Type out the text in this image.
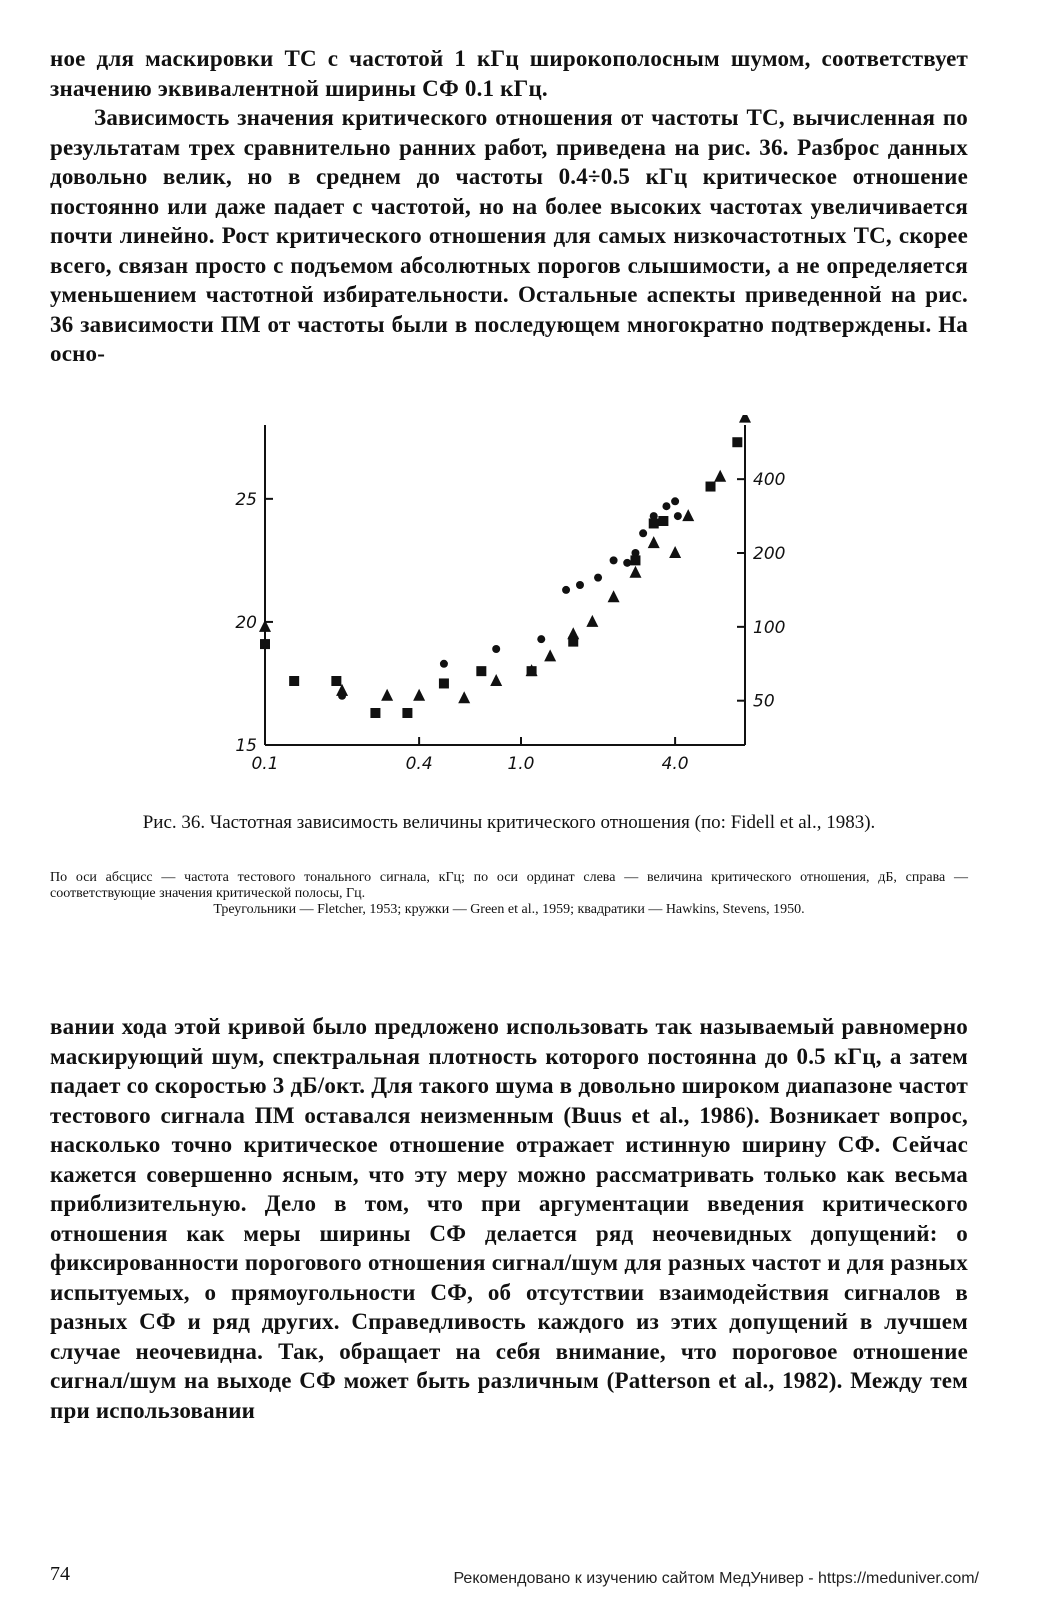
ное для маскировки ТС с частотой 1 кГц широкополосным шумом, соответствует значению эквивалентной ширины СФ 0.1 кГц.
Зависимость значения критического отношения от частоты ТС, вычисленная по результатам трех сравнительно ранних работ, приведена на рис. 36. Разброс данных довольно велик, но в среднем до частоты 0.4÷0.5 кГц критическое отношение постоянно или даже падает с частотой, но на более высоких частотах увеличивается почти линейно. Рост критического отношения для самых низкочастотных ТС, скорее всего, связан просто с подъемом абсолютных порогов слышимости, а не определяется уменьшением частотной избирательности. Остальные аспекты приведенной на рис. 36 зависимости ПМ от частоты были в последующем многократно подтверждены. На осно-
0.1	0.4	1.0	4.0
15
20
25
50
100
200
400
Рис. 36. Частотная зависимость величины критического отношения (по: Fidell et al., 1983).
По оси абсцисс — частота тестового тонального сигнала, кГц; по оси ординат слева — величина критического отношения, дБ, справа — соответствующие значения критической полосы, Гц.
Треугольники — Fletcher, 1953; кружки — Green et al., 1959; квадратики — Hawkins, Stevens, 1950.
вании хода этой кривой было предложено использовать так называемый равномерно маскирующий шум, спектральная плотность которого постоянна до 0.5 кГц, а затем падает со скоростью 3 дБ/окт. Для такого шума в довольно широком диапазоне частот тестового сигнала ПМ оставался неизменным (Buus et al., 1986). Возникает вопрос, насколько точно критическое отношение отражает истинную ширину СФ. Сейчас кажется совершенно ясным, что эту меру можно рассматривать только как весьма приблизительную. Дело в том, что при аргументации введения критического отношения как меры ширины СФ делается ряд неочевидных допущений: о фиксированности порогового отношения сигнал/шум для разных частот и для разных испытуемых, о прямоугольности СФ, об отсутствии взаимодействия сигналов в разных СФ и ряд других. Справедливость каждого из этих допущений в лучшем случае неочевидна. Так, обращает на себя внимание, что пороговое отношение сигнал/шум на выходе СФ может быть различным (Patterson et al., 1982). Между тем при использовании
74	Рекомендовано к изучению сайтом МедУнивер - https://meduniver.com/
